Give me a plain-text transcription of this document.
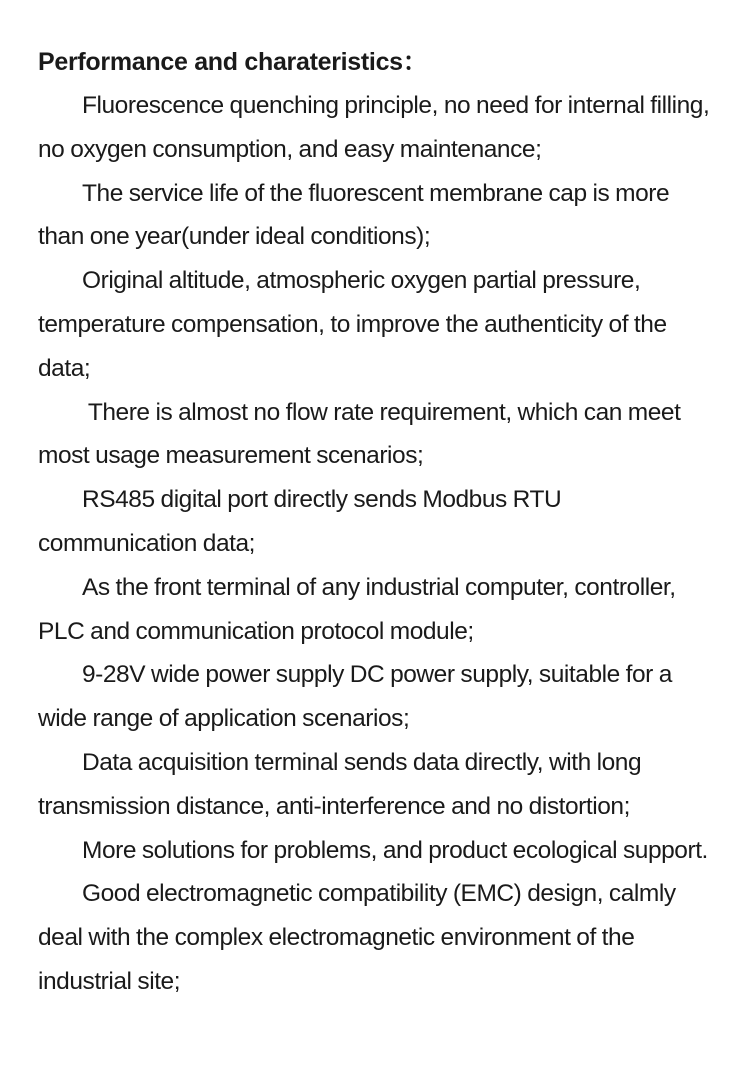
Performance and charateristics：

Fluorescence quenching principle, no need for internal filling, no oxygen consumption, and easy maintenance;

The service life of the fluorescent membrane cap is more than one year(under ideal conditions);

Original altitude, atmospheric oxygen partial pressure, temperature compensation, to improve the authenticity of the data;

There is almost no flow rate requirement, which can meet most usage measurement scenarios;

RS485 digital port directly sends Modbus RTU communication data;

As the front terminal of any industrial computer, controller, PLC and communication protocol module;

9-28V wide power supply DC power supply, suitable for a wide range of application scenarios;

Data acquisition terminal sends data directly, with long transmission distance, anti-interference and no distortion;

More solutions for problems, and product ecological support.

Good electromagnetic compatibility (EMC) design, calmly deal with the complex electromagnetic environment of the industrial site;
